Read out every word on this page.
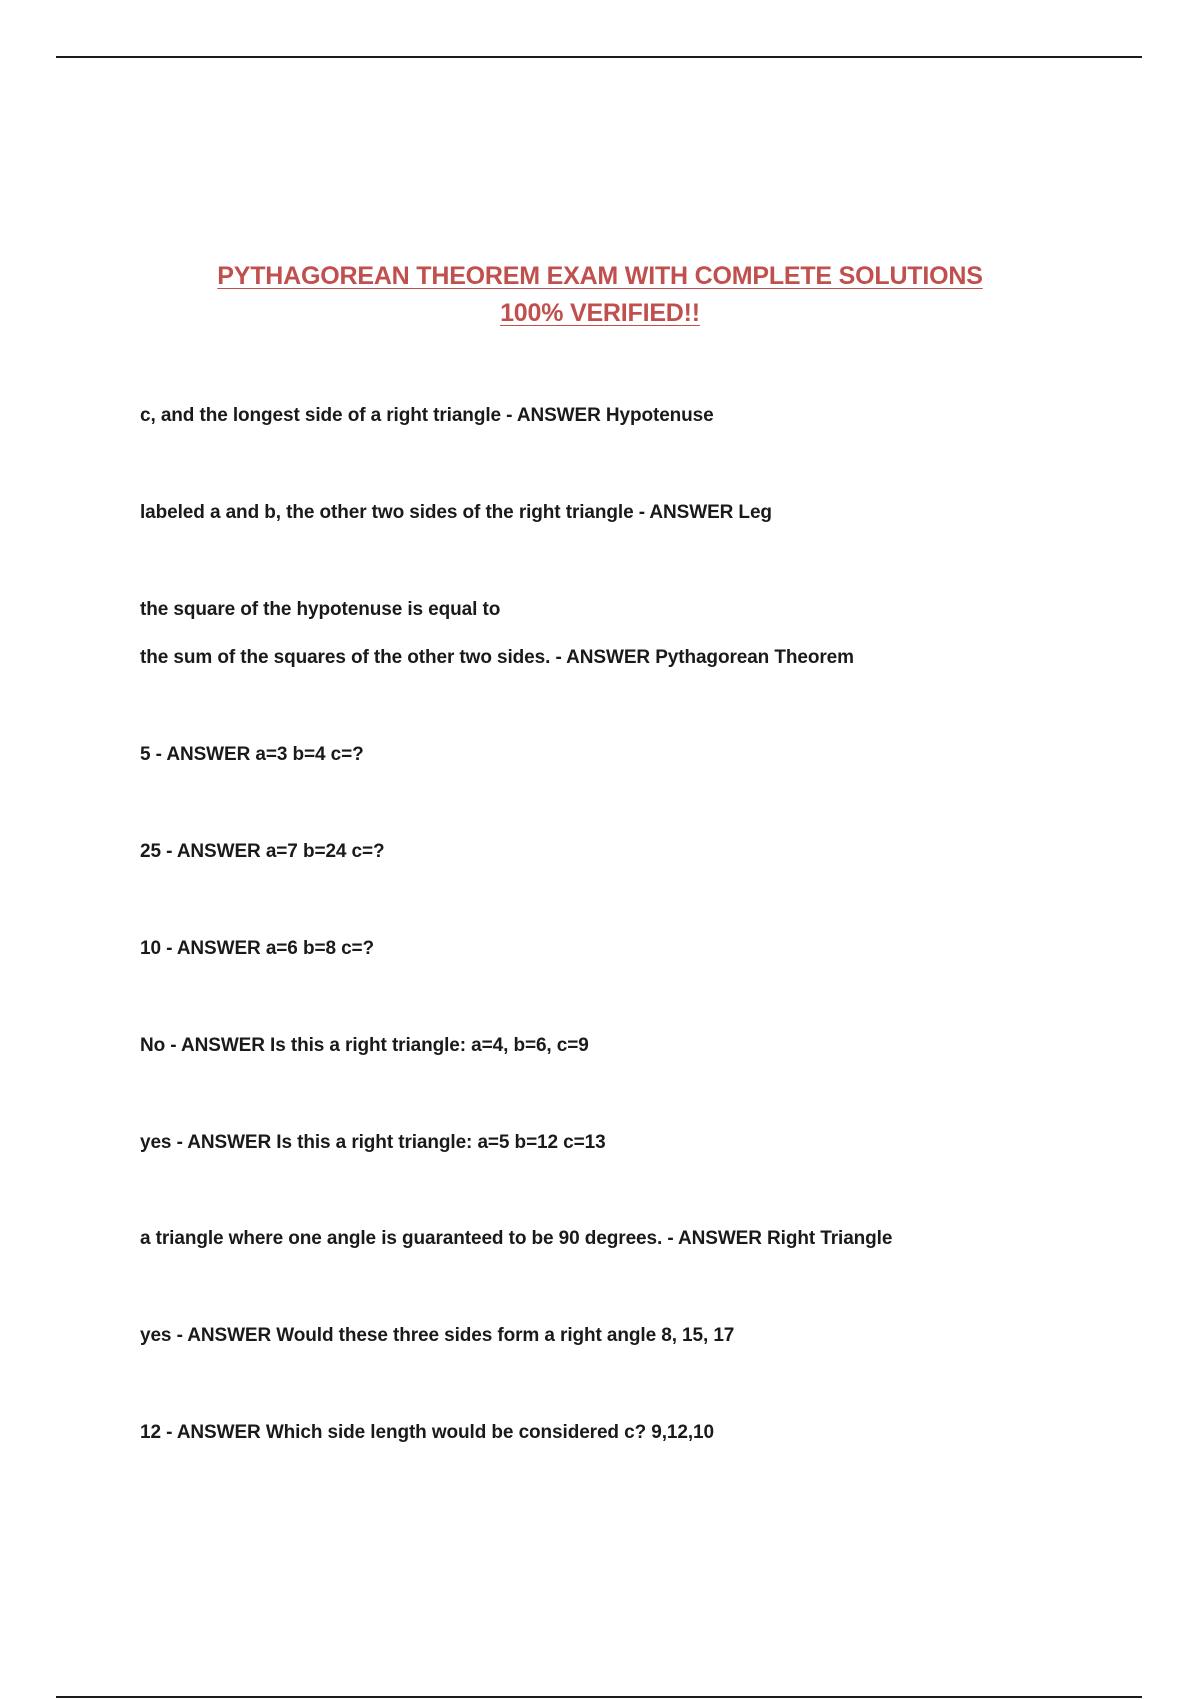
PYTHAGOREAN THEOREM EXAM WITH COMPLETE SOLUTIONS
100% VERIFIED!!
c, and the longest side of a right triangle - ANSWER Hypotenuse
labeled a and b, the other two sides of the right triangle - ANSWER Leg
the square of the hypotenuse is equal to
the sum of the squares of the other two sides. - ANSWER Pythagorean Theorem
5 - ANSWER a=3 b=4 c=?
25 - ANSWER a=7 b=24 c=?
10 - ANSWER a=6 b=8 c=?
No - ANSWER Is this a right triangle: a=4, b=6, c=9
yes - ANSWER Is this a right triangle: a=5 b=12 c=13
a triangle where one angle is guaranteed to be 90 degrees. - ANSWER Right Triangle
yes - ANSWER Would these three sides form a right angle 8, 15, 17
12 - ANSWER Which side length would be considered c? 9,12,10
